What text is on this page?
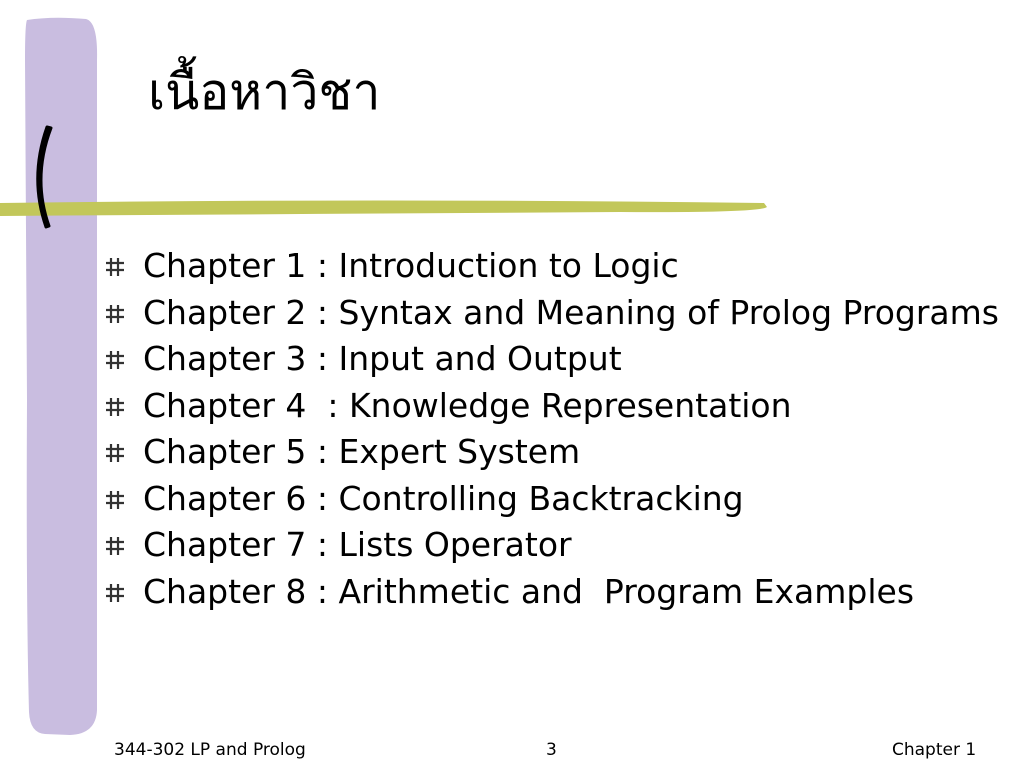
เนื้อหาวิชา
Chapter 1 : Introduction to Logic
Chapter 2 : Syntax and Meaning of Prolog Programs
Chapter 3 : Input and Output
Chapter 4  : Knowledge Representation
Chapter 5 : Expert System
Chapter 6 : Controlling Backtracking
Chapter 7 : Lists Operator
Chapter 8 : Arithmetic and  Program Examples
344-302 LP and Prolog	3	Chapter 1
